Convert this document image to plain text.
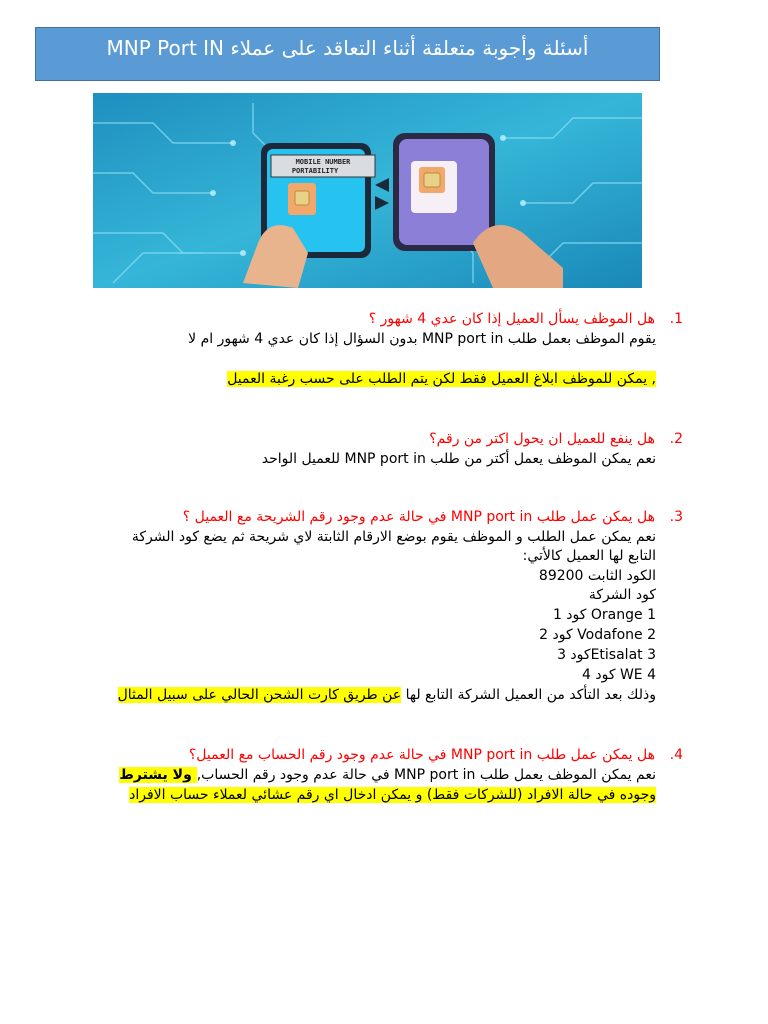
أسئلة وأجوبة متعلقة أثناء التعاقد على عملاء MNP Port IN
MOBILE NUMBER
PORTABILITY
1.هل الموظف يسأل العميل إذا كان عدي 4 شهور ؟
يقوم الموظف بعمل طلب MNP port in بدون السؤال إذا كان عدي 4 شهور ام لا
, يمكن للموظف ابلاغ العميل فقط لكن يتم الطلب على حسب رغبة العميل
2.هل ينفع للعميل ان يحول اكتر من رقم؟
نعم يمكن الموظف يعمل أكتر من طلب MNP port in للعميل الواحد
3.هل يمكن عمل طلب MNP port in في حالة عدم وجود رقم الشريحة مع العميل ؟
نعم يمكن عمل الطلب و الموظف يقوم بوضع الارقام الثابتة لاي شريحة ثم يضع كود الشركة
التابع لها العميل كالأتي:
الكود الثابت 89200
كود الشركة
Orange 1 كود 1
Vodafone 2 كود 2
Etisalat 3كود 3
WE 4 كود 4
وذلك بعد التأكد من العميل الشركة التابع لها عن طريق كارت الشحن الحالي على سبيل المثال
4.هل يمكن عمل طلب MNP port in في حالة عدم وجود رقم الحساب مع العميل؟
نعم يمكن الموظف يعمل طلب MNP port in في حالة عدم وجود رقم الحساب, ولا يشترط
وجوده في حالة الافراد (للشركات فقط) و يمكن ادخال اي رقم عشائي لعملاء حساب الافراد
